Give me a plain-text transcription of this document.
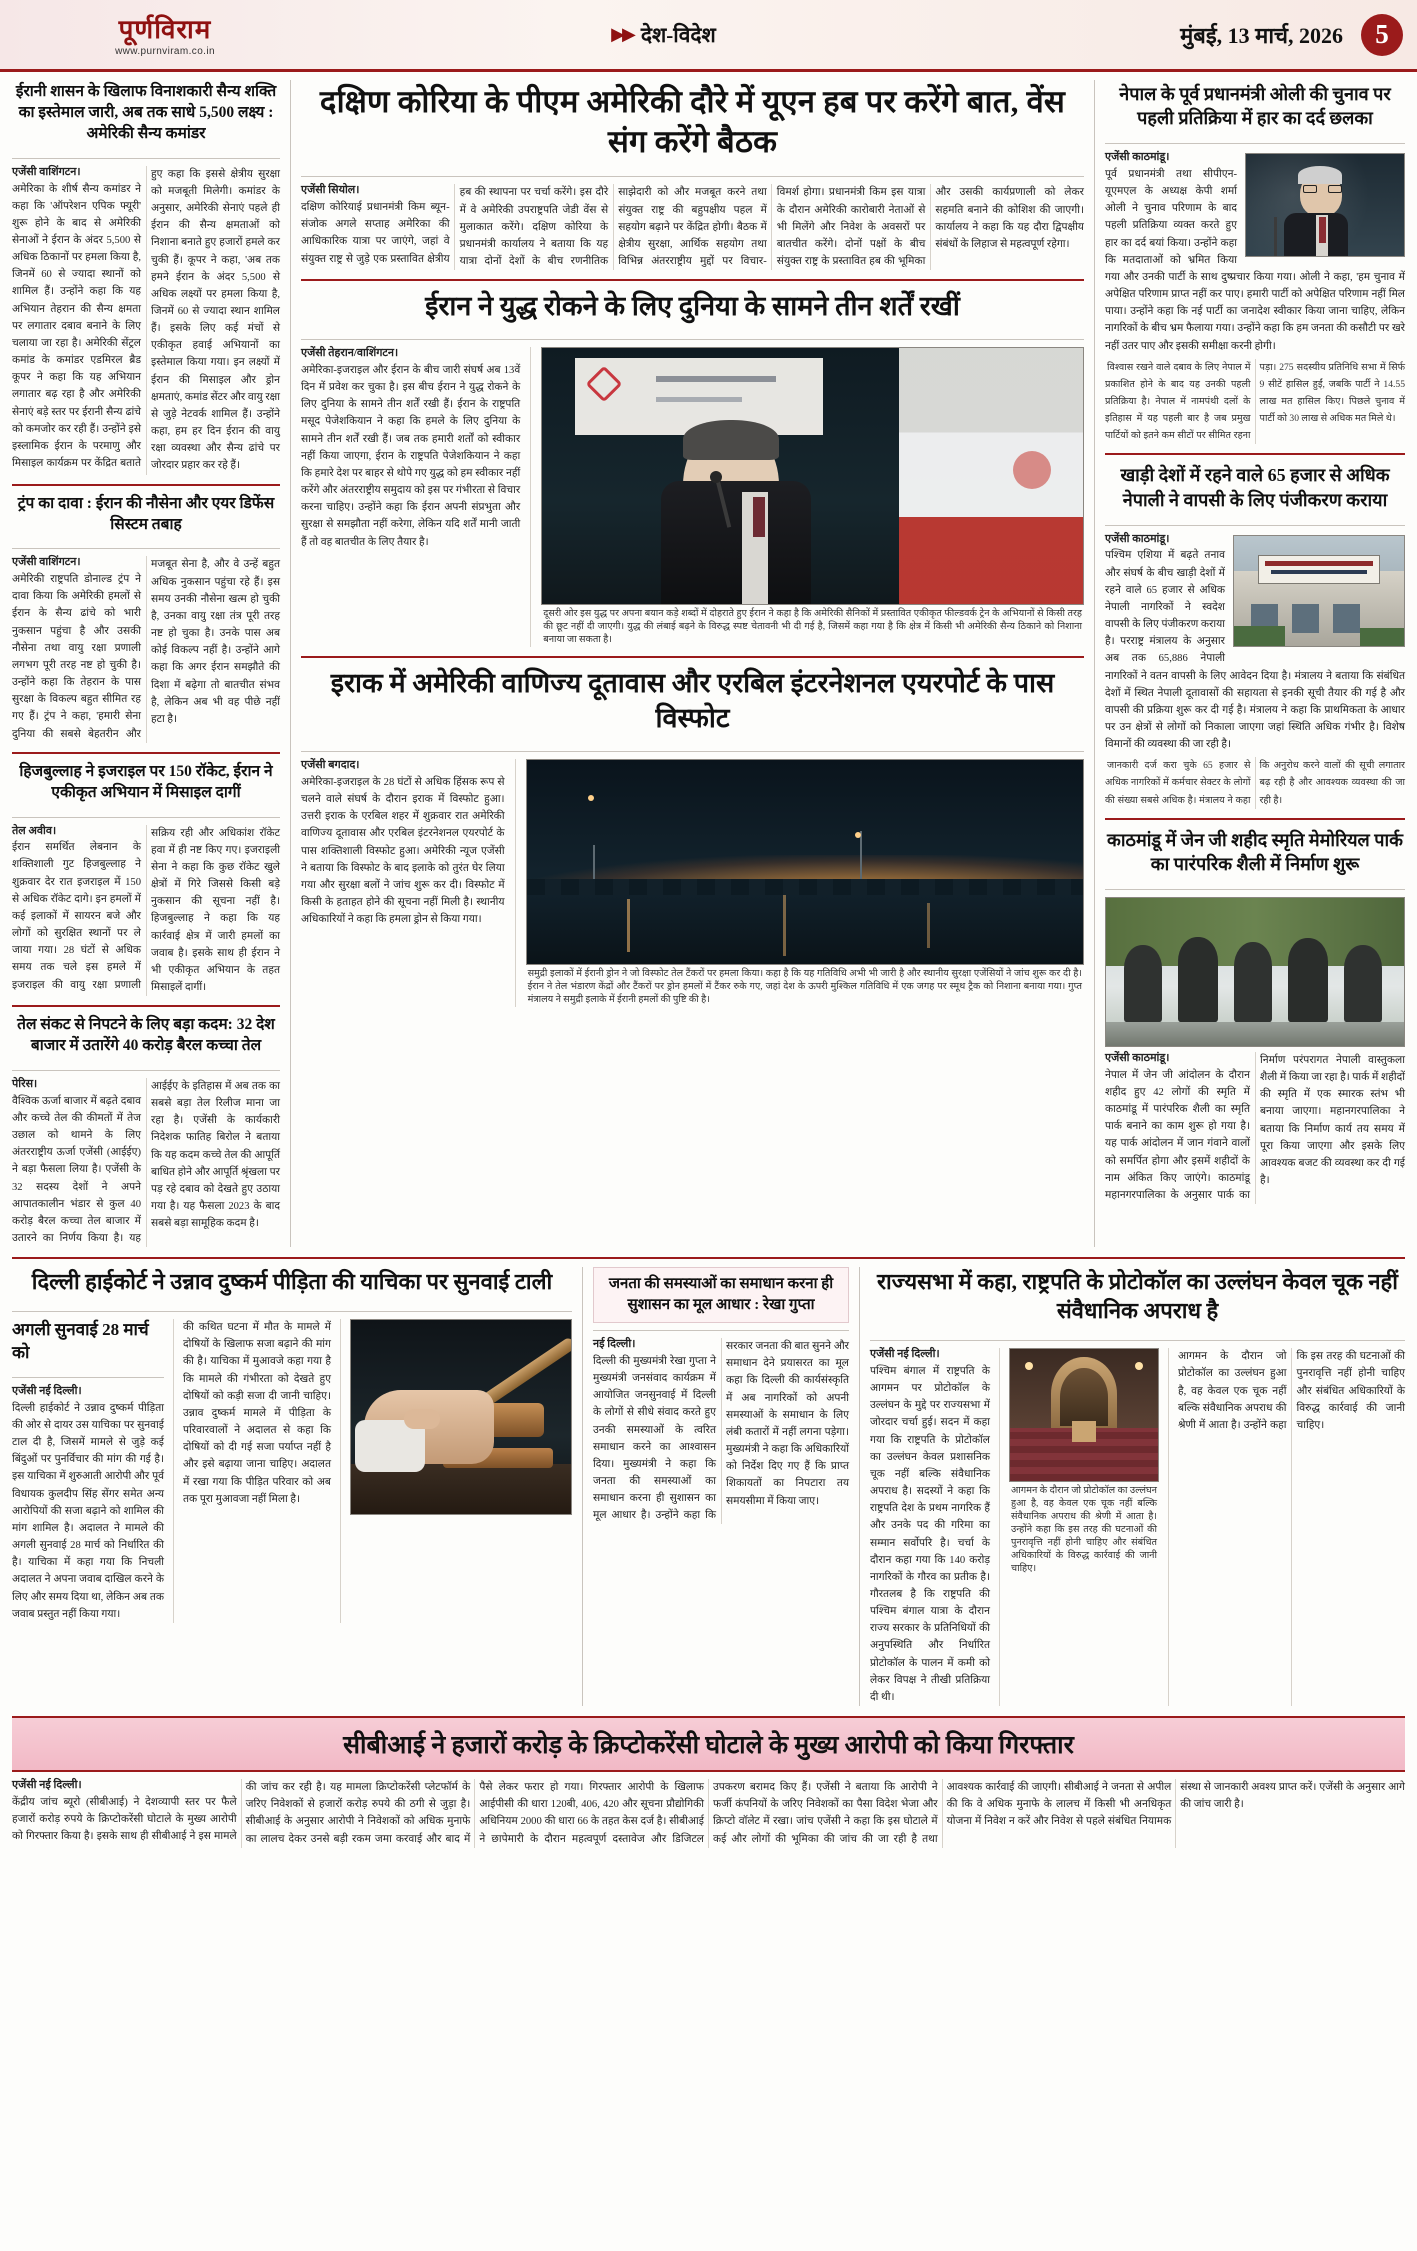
पूर्णविराम
www.purnviram.co.in
▶▶ देश-विदेश	मुंबई, 13 मार्च, 2026	5
ईरानी शासन के खिलाफ विनाशकारी सैन्य शक्ति का इस्तेमाल जारी, अब तक साधे 5,500 लक्ष्य : अमेरिकी सैन्य कमांडर
एजेंसी वाशिंगटन।
अमेरिका के शीर्ष सैन्य कमांडर ने कहा कि 'ऑपरेशन एपिक फ्यूरी' शुरू होने के बाद से अमेरिकी सेनाओं ने ईरान के अंदर 5,500 से अधिक ठिकानों पर हमला किया है, जिनमें 60 से ज्यादा स्थानों को शामिल हैं। उन्होंने कहा कि यह अभियान तेहरान की सैन्य क्षमता पर लगातार दबाव बनाने के लिए चलाया जा रहा है। अमेरिकी सेंट्रल कमांड के कमांडर एडमिरल ब्रैड कूपर ने कहा कि यह अभियान लगातार बढ़ रहा है और अमेरिकी सेनाएं बड़े स्तर पर ईरानी सैन्य ढांचे को कमजोर कर रही हैं। उन्होंने इसे इस्लामिक ईरान के परमाणु और मिसाइल कार्यक्रम पर केंद्रित बताते हुए कहा कि इससे क्षेत्रीय सुरक्षा को मजबूती मिलेगी। कमांडर के अनुसार, अमेरिकी सेनाएं पहले ही ईरान की सैन्य क्षमताओं को निशाना बनाते हुए हजारों हमले कर चुकी हैं। कूपर ने कहा, 'अब तक हमने ईरान के अंदर 5,500 से अधिक लक्ष्यों पर हमला किया है, जिनमें 60 से ज्यादा स्थान शामिल हैं। इसके लिए कई मंचों से एकीकृत हवाई अभियानों का इस्तेमाल किया गया। इन लक्ष्यों में ईरान की मिसाइल और ड्रोन क्षमताएं, कमांड सेंटर और वायु रक्षा से जुड़े नेटवर्क शामिल हैं। उन्होंने कहा, हम हर दिन ईरान की वायु रक्षा व्यवस्था और सैन्य ढांचे पर जोरदार प्रहार कर रहे हैं।
ट्रंप का दावा : ईरान की नौसेना और एयर डिफेंस सिस्टम तबाह
एजेंसी वाशिंगटन।
अमेरिकी राष्ट्रपति डोनाल्ड ट्रंप ने दावा किया कि अमेरिकी हमलों से ईरान के सैन्य ढांचे को भारी नुकसान पहुंचा है और उसकी नौसेना तथा वायु रक्षा प्रणाली लगभग पूरी तरह नष्ट हो चुकी है। उन्होंने कहा कि तेहरान के पास सुरक्षा के विकल्प बहुत सीमित रह गए हैं। ट्रंप ने कहा, 'हमारी सेना दुनिया की सबसे बेहतरीन और मजबूत सेना है, और वे उन्हें बहुत अधिक नुकसान पहुंचा रहे हैं। इस समय उनकी नौसेना खत्म हो चुकी है, उनका वायु रक्षा तंत्र पूरी तरह नष्ट हो चुका है। उनके पास अब कोई विकल्प नहीं है। उन्होंने आगे कहा कि अगर ईरान समझौते की दिशा में बढ़ेगा तो बातचीत संभव है, लेकिन अब भी वह पीछे नहीं हटा है।
हिजबुल्लाह ने इजराइल पर 150 रॉकेट, ईरान ने एकीकृत अभियान में मिसाइल दागीं
तेल अवीव।
ईरान समर्थित लेबनान के शक्तिशाली गुट हिजबुल्लाह ने शुक्रवार देर रात इजराइल में 150 से अधिक रॉकेट दागे। इन हमलों में कई इलाकों में सायरन बजे और लोगों को सुरक्षित स्थानों पर ले जाया गया। 28 घंटों से अधिक समय तक चले इस हमले में इजराइल की वायु रक्षा प्रणाली सक्रिय रही और अधिकांश रॉकेट हवा में ही नष्ट किए गए। इजराइली सेना ने कहा कि कुछ रॉकेट खुले क्षेत्रों में गिरे जिससे किसी बड़े नुकसान की सूचना नहीं है। हिजबुल्लाह ने कहा कि यह कार्रवाई क्षेत्र में जारी हमलों का जवाब है। इसके साथ ही ईरान ने भी एकीकृत अभियान के तहत मिसाइलें दागीं।
तेल संकट से निपटने के लिए बड़ा कदम: 32 देश बाजार में उतारेंगे 40 करोड़ बैरल कच्चा तेल
पेरिस।
वैश्विक ऊर्जा बाजार में बढ़ते दबाव और कच्चे तेल की कीमतों में तेज उछाल को थामने के लिए अंतरराष्ट्रीय ऊर्जा एजेंसी (आईईए) ने बड़ा फैसला लिया है। एजेंसी के 32 सदस्य देशों ने अपने आपातकालीन भंडार से कुल 40 करोड़ बैरल कच्चा तेल बाजार में उतारने का निर्णय किया है। यह आईईए के इतिहास में अब तक का सबसे बड़ा तेल रिलीज माना जा रहा है। एजेंसी के कार्यकारी निदेशक फातिह बिरोल ने बताया कि यह कदम कच्चे तेल की आपूर्ति बाधित होने और आपूर्ति श्रृंखला पर पड़ रहे दबाव को देखते हुए उठाया गया है। यह फैसला 2023 के बाद सबसे बड़ा सामूहिक कदम है।
दक्षिण कोरिया के पीएम अमेरिकी दौरे में यूएन हब पर करेंगे बात, वेंस संग करेंगे बैठक
एजेंसी सियोल।
दक्षिण कोरियाई प्रधानमंत्री किम ब्यून-संजोक अगले सप्ताह अमेरिका की आधिकारिक यात्रा पर जाएंगे, जहां वे संयुक्त राष्ट्र से जुड़े एक प्रस्तावित क्षेत्रीय हब की स्थापना पर चर्चा करेंगे। इस दौरे में वे अमेरिकी उपराष्ट्रपति जेडी वेंस से मुलाकात करेंगे। दक्षिण कोरिया के प्रधानमंत्री कार्यालय ने बताया कि यह यात्रा दोनों देशों के बीच रणनीतिक साझेदारी को और मजबूत करने तथा संयुक्त राष्ट्र की बहुपक्षीय पहल में सहयोग बढ़ाने पर केंद्रित होगी। बैठक में क्षेत्रीय सुरक्षा, आर्थिक सहयोग तथा विभिन्न अंतरराष्ट्रीय मुद्दों पर विचार-विमर्श होगा। प्रधानमंत्री किम इस यात्रा के दौरान अमेरिकी कारोबारी नेताओं से भी मिलेंगे और निवेश के अवसरों पर बातचीत करेंगे। दोनों पक्षों के बीच संयुक्त राष्ट्र के प्रस्तावित हब की भूमिका और उसकी कार्यप्रणाली को लेकर सहमति बनाने की कोशिश की जाएगी। कार्यालय ने कहा कि यह दौरा द्विपक्षीय संबंधों के लिहाज से महत्वपूर्ण रहेगा।
ईरान ने युद्ध रोकने के लिए दुनिया के सामने तीन शर्तें रखीं
एजेंसी तेहरान/वाशिंगटन।
अमेरिका-इजराइल और ईरान के बीच जारी संघर्ष अब 13वें दिन में प्रवेश कर चुका है। इस बीच ईरान ने युद्ध रोकने के लिए दुनिया के सामने तीन शर्तें रखी हैं। ईरान के राष्ट्रपति मसूद पेजेशकियान ने कहा कि हमले के लिए दुनिया के सामने तीन शर्तें रखी हैं। जब तक हमारी शर्तों को स्वीकार नहीं किया जाएगा, ईरान के राष्ट्रपति पेजेशकियान ने कहा कि हमारे देश पर बाहर से थोपे गए युद्ध को हम स्वीकार नहीं करेंगे और अंतरराष्ट्रीय समुदाय को इस पर गंभीरता से विचार करना चाहिए। उन्होंने कहा कि ईरान अपनी संप्रभुता और सुरक्षा से समझौता नहीं करेगा, लेकिन यदि शर्तें मानी जाती हैं तो वह बातचीत के लिए तैयार है।
दूसरी ओर इस युद्ध पर अपना बयान कड़े शब्दों में दोहराते हुए ईरान ने कहा है कि अमेरिकी सैनिकों में प्रस्तावित एकीकृत फील्डवर्क ट्रेन के अभियानों से किसी तरह की छूट नहीं दी जाएगी। युद्ध की लंबाई बढ़ने के विरुद्ध स्पष्ट चेतावनी भी दी गई है, जिसमें कहा गया है कि क्षेत्र में किसी भी अमेरिकी सैन्य ठिकाने को निशाना बनाया जा सकता है।
इराक में अमेरिकी वाणिज्य दूतावास और एरबिल इंटरनेशनल एयरपोर्ट के पास विस्फोट
एजेंसी बगदाद।
अमेरिका-इजराइल के 28 घंटों से अधिक हिंसक रूप से चलने वाले संघर्ष के दौरान इराक में विस्फोट हुआ। उत्तरी इराक के एरबिल शहर में शुक्रवार रात अमेरिकी वाणिज्य दूतावास और एरबिल इंटरनेशनल एयरपोर्ट के पास शक्तिशाली विस्फोट हुआ। अमेरिकी न्यूज एजेंसी ने बताया कि विस्फोट के बाद इलाके को तुरंत घेर लिया गया और सुरक्षा बलों ने जांच शुरू कर दी। विस्फोट में किसी के हताहत होने की सूचना नहीं मिली है। स्थानीय अधिकारियों ने कहा कि हमला ड्रोन से किया गया।
समुद्री इलाकों में ईरानी ड्रोन ने जो विस्फोट तेल टैंकरों पर हमला किया। कहा है कि यह गतिविधि अभी भी जारी है और स्थानीय सुरक्षा एजेंसियों ने जांच शुरू कर दी है। ईरान ने तेल भंडारण केंद्रों और टैंकरों पर ड्रोन हमलों में टैंकर रुके गए, जहां देश के ऊपरी मुश्किल गतिविधि में एक जगह पर स्मूथ ट्रैक को निशाना बनाया गया। गुप्त मंत्रालय ने समुद्री इलाके में ईरानी हमलों की पुष्टि की है।
नेपाल के पूर्व प्रधानमंत्री ओली की चुनाव पर पहली प्रतिक्रिया में हार का दर्द छलका
एजेंसी काठमांडू।
पूर्व प्रधानमंत्री तथा सीपीएन-यूएमएल के अध्यक्ष केपी शर्मा ओली ने चुनाव परिणाम के बाद पहली प्रतिक्रिया व्यक्त करते हुए हार का दर्द बयां किया। उन्होंने कहा कि मतदाताओं को भ्रमित किया गया और उनकी पार्टी के साथ दुष्प्रचार किया गया। ओली ने कहा, 'हम चुनाव में अपेक्षित परिणाम प्राप्त नहीं कर पाए। हमारी पार्टी को अपेक्षित परिणाम नहीं मिल पाया। उन्होंने कहा कि नई पार्टी का जनादेश स्वीकार किया जाना चाहिए, लेकिन नागरिकों के बीच भ्रम फैलाया गया। उन्होंने कहा कि हम जनता की कसौटी पर खरे नहीं उतर पाए और इसकी समीक्षा करनी होगी।
विश्वास रखने वाले दबाव के लिए नेपाल में प्रकाशित होने के बाद यह उनकी पहली प्रतिक्रिया है। नेपाल में नामपंथी दलों के इतिहास में यह पहली बार है जब प्रमुख पार्टियों को इतने कम सीटों पर सीमित रहना पड़ा। 275 सदस्यीय प्रतिनिधि सभा में सिर्फ 9 सीटें हासिल हुईं, जबकि पार्टी ने 14.55 लाख मत हासिल किए। पिछले चुनाव में पार्टी को 30 लाख से अधिक मत मिले थे।
खाड़ी देशों में रहने वाले 65 हजार से अधिक नेपाली ने वापसी के लिए पंजीकरण कराया
एजेंसी काठमांडू।
पश्चिम एशिया में बढ़ते तनाव और संघर्ष के बीच खाड़ी देशों में रहने वाले 65 हजार से अधिक नेपाली नागरिकों ने स्वदेश वापसी के लिए पंजीकरण कराया है। परराष्ट्र मंत्रालय के अनुसार अब तक 65,886 नेपाली नागरिकों ने वतन वापसी के लिए आवेदन दिया है। मंत्रालय ने बताया कि संबंधित देशों में स्थित नेपाली दूतावासों की सहायता से इनकी सूची तैयार की गई है और वापसी की प्रक्रिया शुरू कर दी गई है। मंत्रालय ने कहा कि प्राथमिकता के आधार पर उन क्षेत्रों से लोगों को निकाला जाएगा जहां स्थिति अधिक गंभीर है। विशेष विमानों की व्यवस्था की जा रही है।
जानकारी दर्ज करा चुके 65 हजार से अधिक नागरिकों में कर्मचार सेक्टर के लोगों की संख्या सबसे अधिक है। मंत्रालय ने कहा कि अनुरोध करने वालों की सूची लगातार बढ़ रही है और आवश्यक व्यवस्था की जा रही है।
काठमांडू में जेन जी शहीद स्मृति मेमोरियल पार्क का पारंपरिक शैली में निर्माण शुरू
एजेंसी काठमांडू।
नेपाल में जेन जी आंदोलन के दौरान शहीद हुए 42 लोगों की स्मृति में काठमांडू में पारंपरिक शैली का स्मृति पार्क बनाने का काम शुरू हो गया है। यह पार्क आंदोलन में जान गंवाने वालों को समर्पित होगा और इसमें शहीदों के नाम अंकित किए जाएंगे। काठमांडू महानगरपालिका के अनुसार पार्क का निर्माण परंपरागत नेपाली वास्तुकला शैली में किया जा रहा है। पार्क में शहीदों की स्मृति में एक स्मारक स्तंभ भी बनाया जाएगा। महानगरपालिका ने बताया कि निर्माण कार्य तय समय में पूरा किया जाएगा और इसके लिए आवश्यक बजट की व्यवस्था कर दी गई है।
दिल्ली हाईकोर्ट ने उन्नाव दुष्कर्म पीड़िता की याचिका पर सुनवाई टाली
अगली सुनवाई 28 मार्च को
एजेंसी नई दिल्ली।
दिल्ली हाईकोर्ट ने उन्नाव दुष्कर्म पीड़िता की ओर से दायर उस याचिका पर सुनवाई टाल दी है, जिसमें मामले से जुड़े कई बिंदुओं पर पुनर्विचार की मांग की गई है। इस याचिका में शुरुआती आरोपी और पूर्व विधायक कुलदीप सिंह सेंगर समेत अन्य आरोपियों की सजा बढ़ाने को शामिल की मांग शामिल है। अदालत ने मामले की अगली सुनवाई 28 मार्च को निर्धारित की है। याचिका में कहा गया कि निचली अदालत ने अपना जवाब दाखिल करने के लिए और समय दिया था, लेकिन अब तक जवाब प्रस्तुत नहीं किया गया।
की कथित घटना में मौत के मामले में दोषियों के खिलाफ सजा बढ़ाने की मांग की है। याचिका में मुआवजे कहा गया है कि मामले की गंभीरता को देखते हुए दोषियों को कड़ी सजा दी जानी चाहिए। उन्नाव दुष्कर्म मामले में पीड़िता के परिवारवालों ने अदालत से कहा कि दोषियों को दी गई सजा पर्याप्त नहीं है और इसे बढ़ाया जाना चाहिए। अदालत में रखा गया कि पीड़ित परिवार को अब तक पूरा मुआवजा नहीं मिला है।
जनता की समस्याओं का समाधान करना ही सुशासन का मूल आधार : रेखा गुप्ता
नई दिल्ली।
दिल्ली की मुख्यमंत्री रेखा गुप्ता ने मुख्यमंत्री जनसंवाद कार्यक्रम में आयोजित जनसुनवाई में दिल्ली के लोगों से सीधे संवाद करते हुए उनकी समस्याओं के त्वरित समाधान करने का आश्वासन दिया। मुख्यमंत्री ने कहा कि जनता की समस्याओं का समाधान करना ही सुशासन का मूल आधार है। उन्होंने कहा कि सरकार जनता की बात सुनने और समाधान देने प्रयासरत का मूल कहा कि दिल्ली की कार्यसंस्कृति में अब नागरिकों को अपनी समस्याओं के समाधान के लिए लंबी कतारों में नहीं लगना पड़ेगा। मुख्यमंत्री ने कहा कि अधिकारियों को निर्देश दिए गए हैं कि प्राप्त शिकायतों का निपटारा तय समयसीमा में किया जाए।
राज्यसभा में कहा, राष्ट्रपति के प्रोटोकॉल का उल्लंघन केवल चूक नहीं संवैधानिक अपराध है
एजेंसी नई दिल्ली।
पश्चिम बंगाल में राष्ट्रपति के आगमन पर प्रोटोकॉल के उल्लंघन के मुद्दे पर राज्यसभा में जोरदार चर्चा हुई। सदन में कहा गया कि राष्ट्रपति के प्रोटोकॉल का उल्लंघन केवल प्रशासनिक चूक नहीं बल्कि संवैधानिक अपराध है। सदस्यों ने कहा कि राष्ट्रपति देश के प्रथम नागरिक हैं और उनके पद की गरिमा का सम्मान सर्वोपरि है। चर्चा के दौरान कहा गया कि 140 करोड़ नागरिकों के गौरव का प्रतीक है। गौरतलब है कि राष्ट्रपति की पश्चिम बंगाल यात्रा के दौरान राज्य सरकार के प्रतिनिधियों की अनुपस्थिति और निर्धारित प्रोटोकॉल के पालन में कमी को लेकर विपक्ष ने तीखी प्रतिक्रिया दी थी।
आगमन के दौरान जो प्रोटोकॉल का उल्लंघन हुआ है, वह केवल एक चूक नहीं बल्कि संवैधानिक अपराध की श्रेणी में आता है। उन्होंने कहा कि इस तरह की घटनाओं की पुनरावृत्ति नहीं होनी चाहिए और संबंधित अधिकारियों के विरुद्ध कार्रवाई की जानी चाहिए।
आगमन के दौरान जो प्रोटोकॉल का उल्लंघन हुआ है, वह केवल एक चूक नहीं बल्कि संवैधानिक अपराध की श्रेणी में आता है। उन्होंने कहा कि इस तरह की घटनाओं की पुनरावृत्ति नहीं होनी चाहिए और संबंधित अधिकारियों के विरुद्ध कार्रवाई की जानी चाहिए।
सीबीआई ने हजारों करोड़ के क्रिप्टोकरेंसी घोटाले के मुख्य आरोपी को किया गिरफ्तार
एजेंसी नई दिल्ली।
केंद्रीय जांच ब्यूरो (सीबीआई) ने देशव्यापी स्तर पर फैले हजारों करोड़ रुपये के क्रिप्टोकरेंसी घोटाले के मुख्य आरोपी को गिरफ्तार किया है। इसके साथ ही सीबीआई ने इस मामले की जांच कर रही है। यह मामला क्रिप्टोकरेंसी प्लेटफॉर्म के जरिए निवेशकों से हजारों करोड़ रुपये की ठगी से जुड़ा है। सीबीआई के अनुसार आरोपी ने निवेशकों को अधिक मुनाफे का लालच देकर उनसे बड़ी रकम जमा करवाई और बाद में पैसे लेकर फरार हो गया। गिरफ्तार आरोपी के खिलाफ आईपीसी की धारा 120बी, 406, 420 और सूचना प्रौद्योगिकी अधिनियम 2000 की धारा 66 के तहत केस दर्ज है। सीबीआई ने छापेमारी के दौरान महत्वपूर्ण दस्तावेज और डिजिटल उपकरण बरामद किए हैं। एजेंसी ने बताया कि आरोपी ने फर्जी कंपनियों के जरिए निवेशकों का पैसा विदेश भेजा और क्रिप्टो वॉलेट में रखा। जांच एजेंसी ने कहा कि इस घोटाले में कई और लोगों की भूमिका की जांच की जा रही है तथा आवश्यक कार्रवाई की जाएगी। सीबीआई ने जनता से अपील की कि वे अधिक मुनाफे के लालच में किसी भी अनधिकृत योजना में निवेश न करें और निवेश से पहले संबंधित नियामक संस्था से जानकारी अवश्य प्राप्त करें। एजेंसी के अनुसार आगे की जांच जारी है।
